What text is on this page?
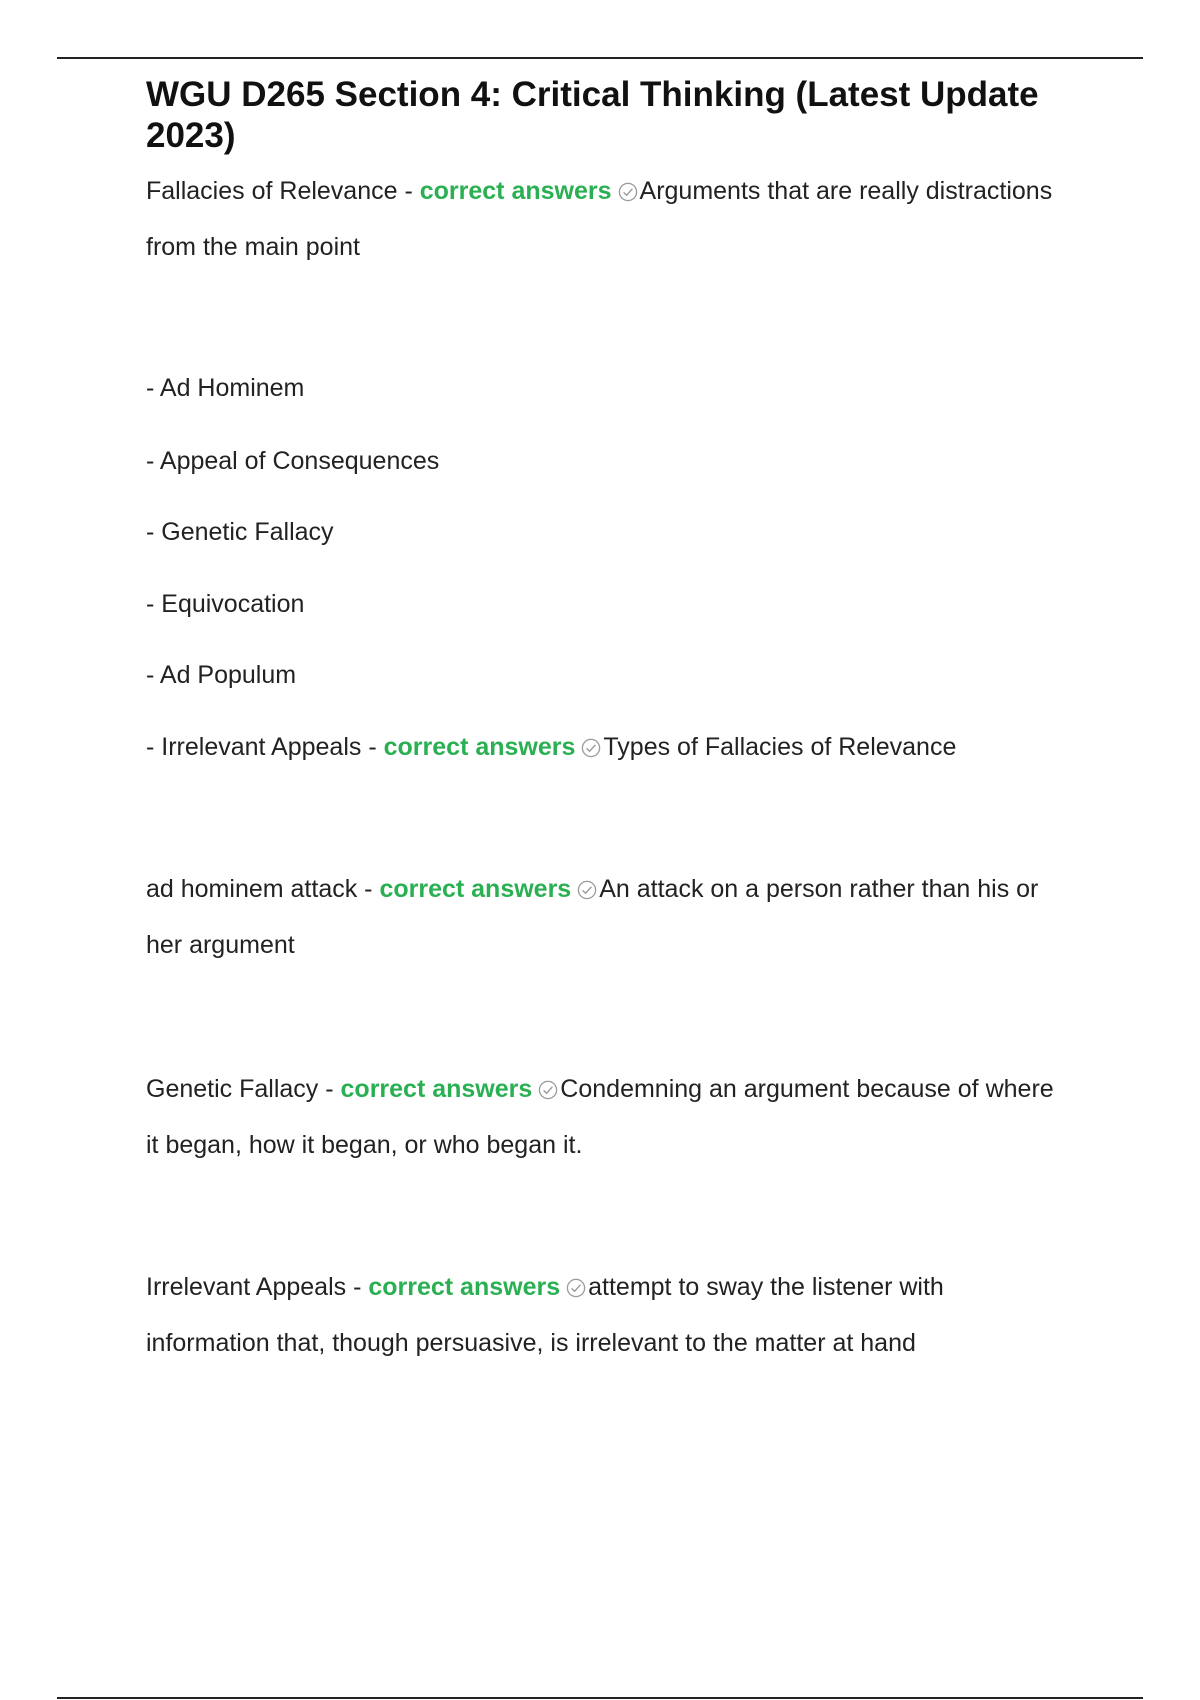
WGU D265 Section 4: Critical Thinking (Latest Update 2023)

Fallacies of Relevance - correct answers Arguments that are really distractions from the main point

- Ad Hominem

- Appeal of Consequences

- Genetic Fallacy

- Equivocation

- Ad Populum

- Irrelevant Appeals - correct answers Types of Fallacies of Relevance

ad hominem attack - correct answers An attack on a person rather than his or her argument

Genetic Fallacy - correct answers Condemning an argument because of where it began, how it began, or who began it.

Irrelevant Appeals - correct answers attempt to sway the listener with information that, though persuasive, is irrelevant to the matter at hand
